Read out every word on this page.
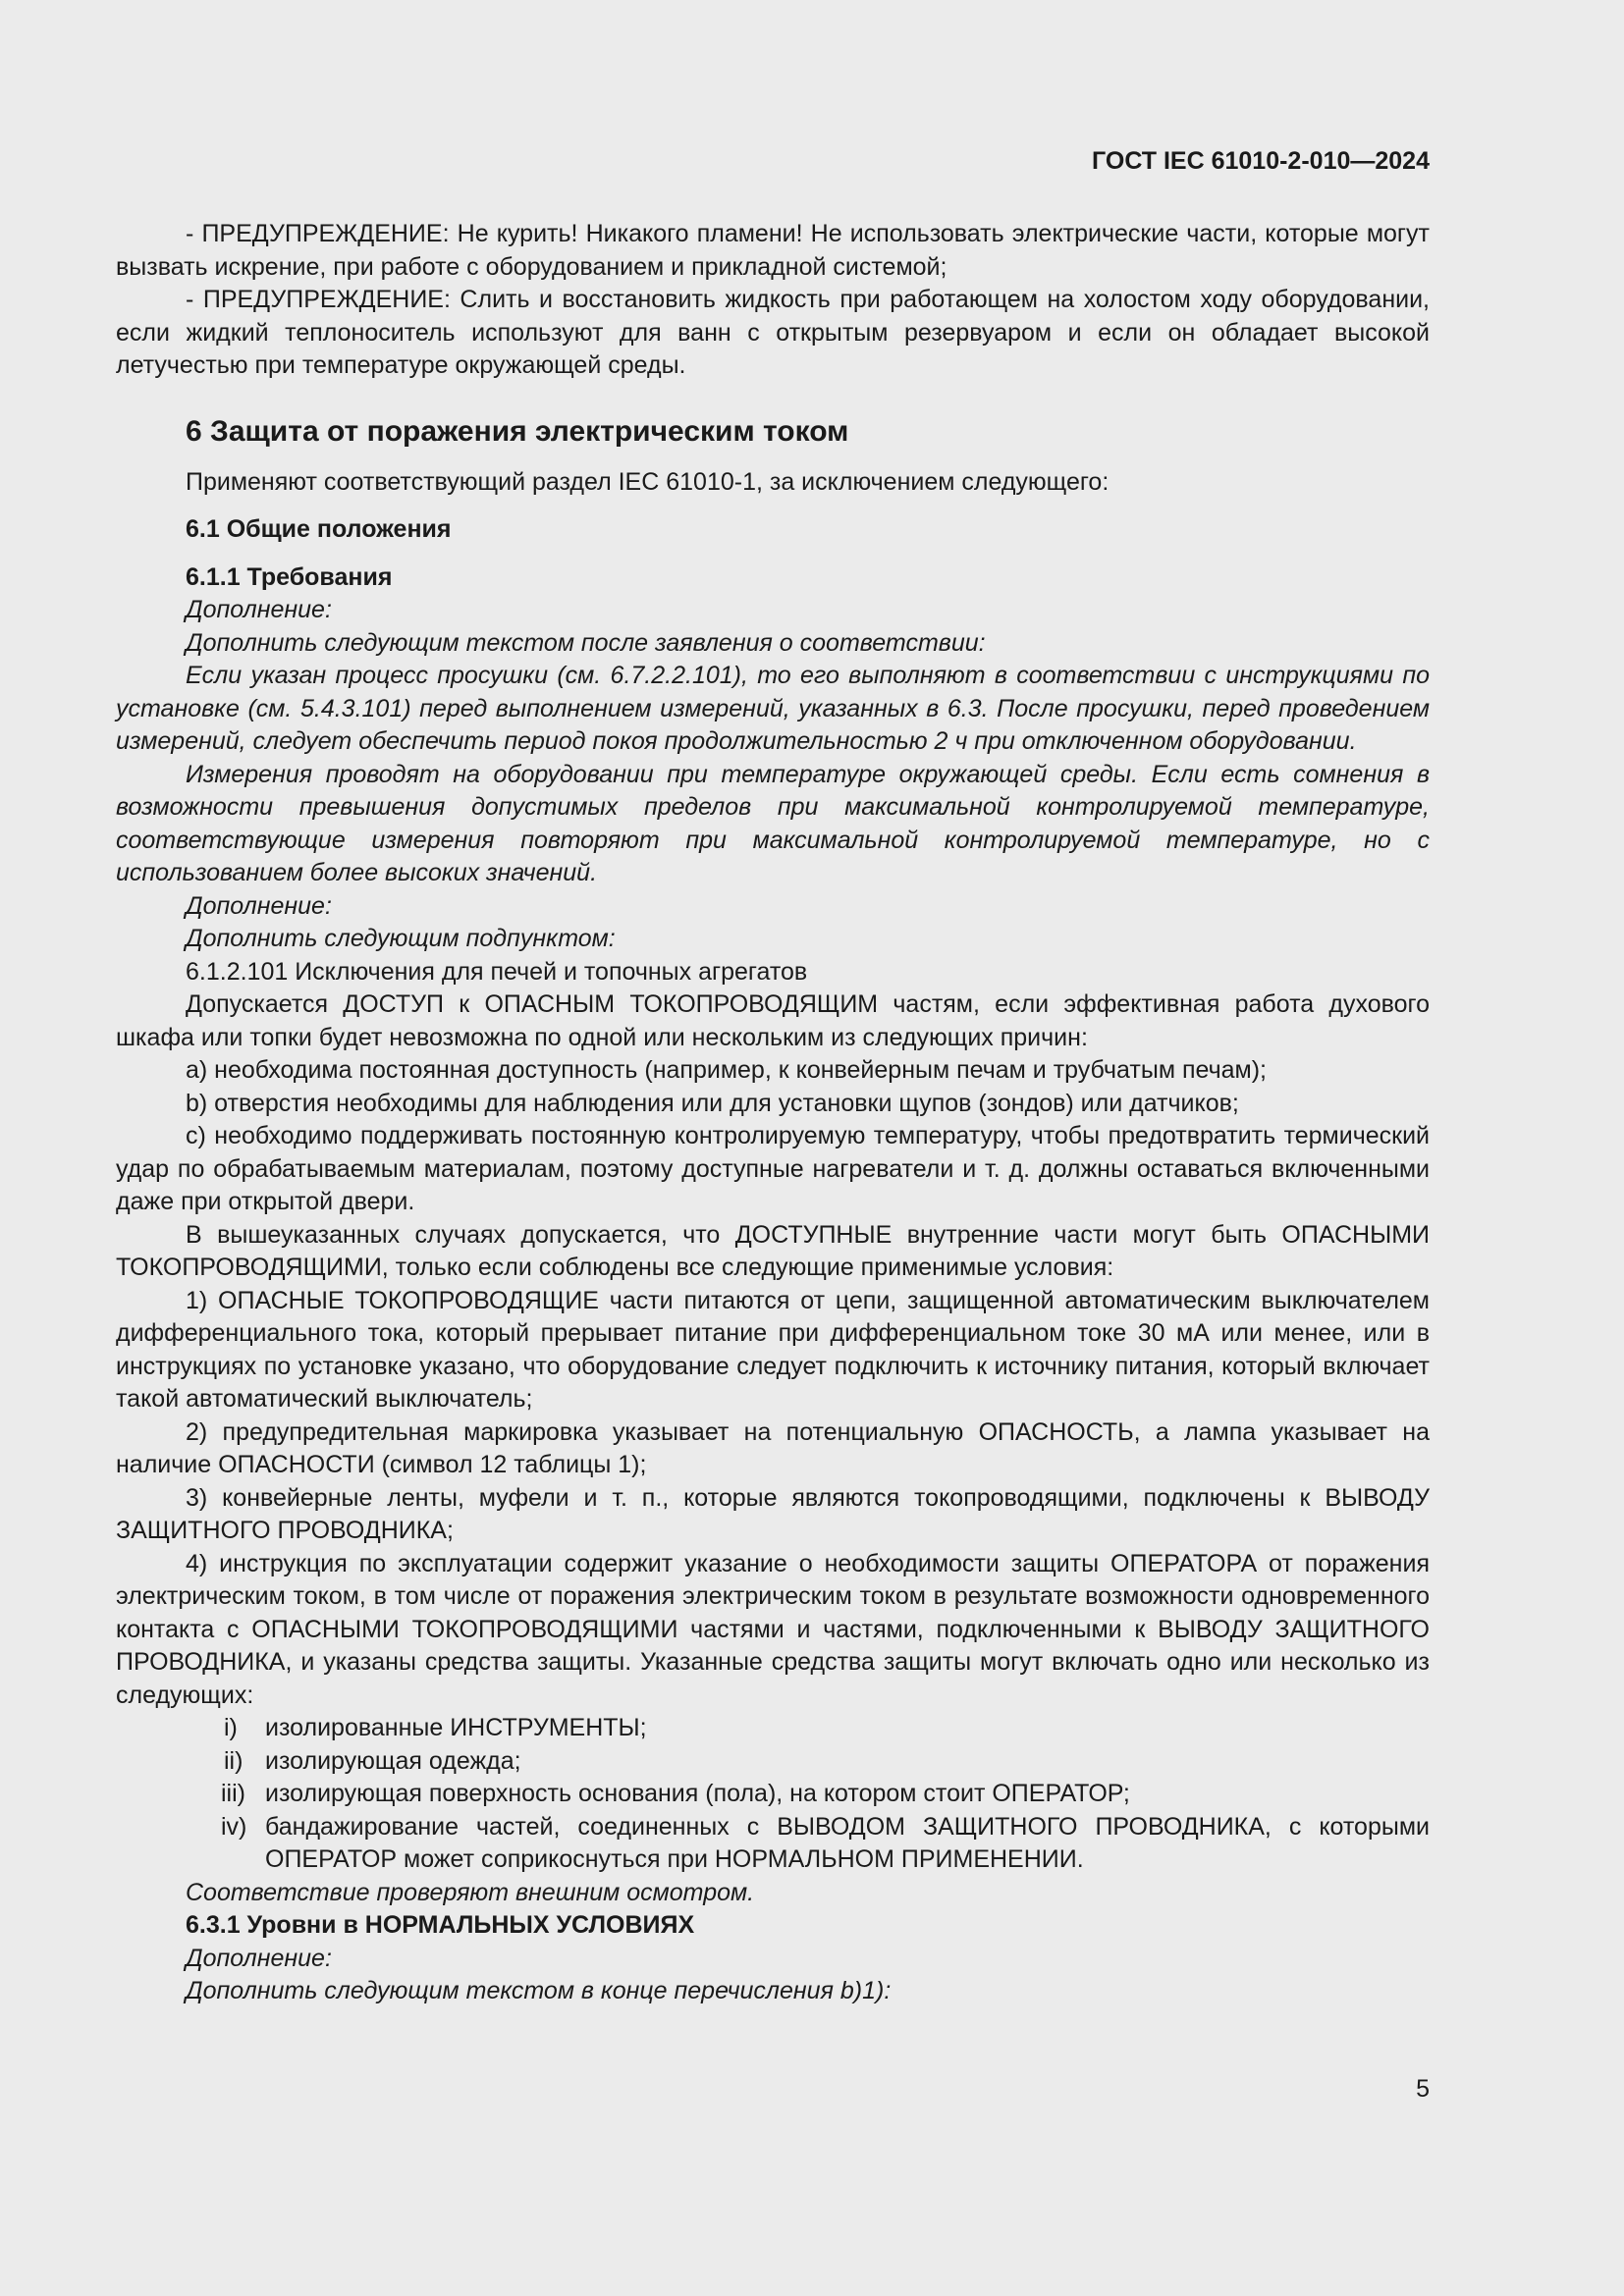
ГОСТ IEC 61010-2-010—2024

- ПРЕДУПРЕЖДЕНИЕ: Не курить! Никакого пламени! Не использовать электрические части, которые могут вызвать искрение, при работе с оборудованием и прикладной системой;

- ПРЕДУПРЕЖДЕНИЕ: Слить и восстановить жидкость при работающем на холостом ходу оборудовании, если жидкий теплоноситель используют для ванн с открытым резервуаром и если он обладает высокой летучестью при температуре окружающей среды.

6 Защита от поражения электрическим током

Применяют соответствующий раздел IEC 61010-1, за исключением следующего:

6.1 Общие положения

6.1.1 Требования

Дополнение:

Дополнить следующим текстом после заявления о соответствии:

Если указан процесс просушки (см. 6.7.2.2.101), то его выполняют в соответствии с инструкциями по установке (см. 5.4.3.101) перед выполнением измерений, указанных в 6.3. После просушки, перед проведением измерений, следует обеспечить период покоя продолжительностью 2 ч при отключенном оборудовании.

Измерения проводят на оборудовании при температуре окружающей среды. Если есть сомнения в возможности превышения допустимых пределов при максимальной контролируемой температуре, соответствующие измерения повторяют при максимальной контролируемой температуре, но с использованием более высоких значений.

Дополнение:

Дополнить следующим подпунктом:

6.1.2.101 Исключения для печей и топочных агрегатов

Допускается ДОСТУП к ОПАСНЫМ ТОКОПРОВОДЯЩИМ частям, если эффективная работа духового шкафа или топки будет невозможна по одной или нескольким из следующих причин:

a) необходима постоянная доступность (например, к конвейерным печам и трубчатым печам);

b) отверстия необходимы для наблюдения или для установки щупов (зондов) или датчиков;

c) необходимо поддерживать постоянную контролируемую температуру, чтобы предотвратить термический удар по обрабатываемым материалам, поэтому доступные нагреватели и т. д. должны оставаться включенными даже при открытой двери.

В вышеуказанных случаях допускается, что ДОСТУПНЫЕ внутренние части могут быть ОПАСНЫМИ ТОКОПРОВОДЯЩИМИ, только если соблюдены все следующие применимые условия:

1) ОПАСНЫЕ ТОКОПРОВОДЯЩИЕ части питаются от цепи, защищенной автоматическим выключателем дифференциального тока, который прерывает питание при дифференциальном токе 30 мА или менее, или в инструкциях по установке указано, что оборудование следует подключить к источнику питания, который включает такой автоматический выключатель;

2) предупредительная маркировка указывает на потенциальную ОПАСНОСТЬ, а лампа указывает на наличие ОПАСНОСТИ (символ 12 таблицы 1);

3) конвейерные ленты, муфели и т. п., которые являются токопроводящими, подключены к ВЫВОДУ ЗАЩИТНОГО ПРОВОДНИКА;

4) инструкция по эксплуатации содержит указание о необходимости защиты ОПЕРАТОРА от поражения электрическим током, в том числе от поражения электрическим током в результате возможности одновременного контакта с ОПАСНЫМИ ТОКОПРОВОДЯЩИМИ частями и частями, подключенными к ВЫВОДУ ЗАЩИТНОГО ПРОВОДНИКА, и указаны средства защиты. Указанные средства защиты могут включать одно или несколько из следующих:

i)	изолированные ИНСТРУМЕНТЫ;
ii) изолирующая одежда;
iii) изолирующая поверхность основания (пола), на котором стоит ОПЕРАТОР;
iv) бандажирование частей, соединенных с ВЫВОДОМ ЗАЩИТНОГО ПРОВОДНИКА, с которыми ОПЕРАТОР может соприкоснуться при НОРМАЛЬНОМ ПРИМЕНЕНИИ.

Соответствие проверяют внешним осмотром.

6.3.1 Уровни в НОРМАЛЬНЫХ УСЛОВИЯХ

Дополнение:

Дополнить следующим текстом в конце перечисления b)1):

5
